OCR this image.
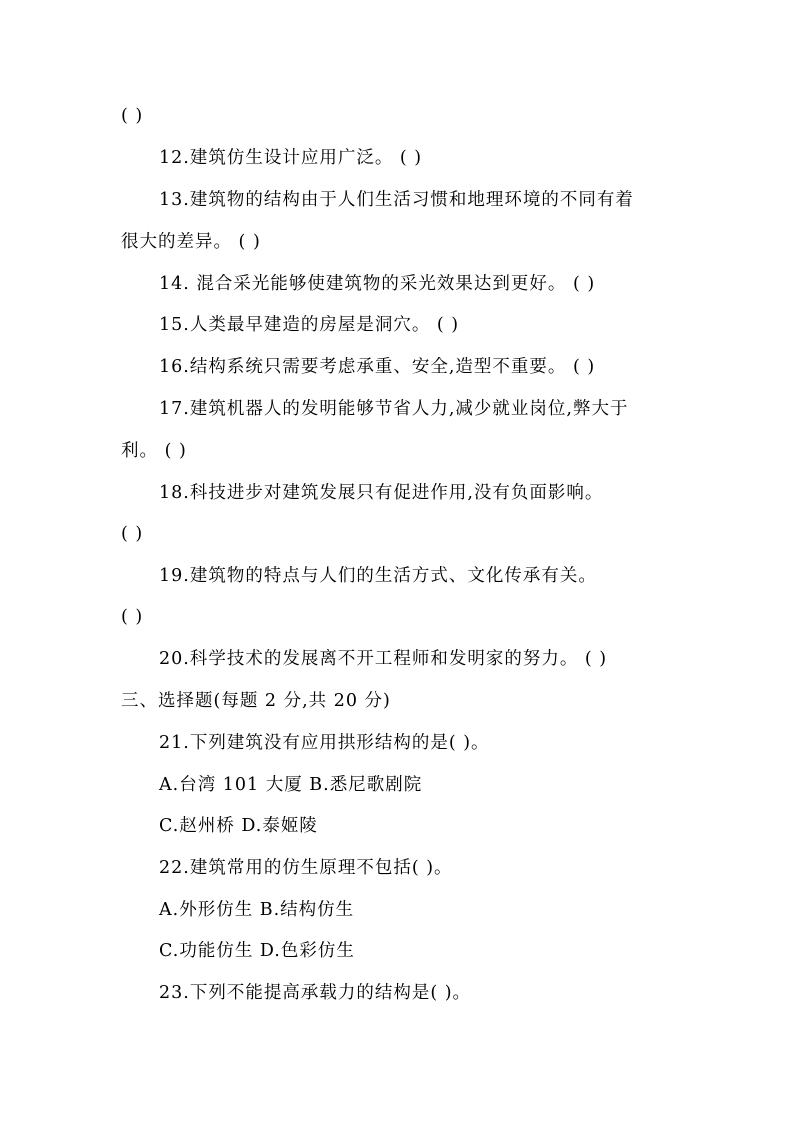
( )
12.建筑仿生设计应用广泛。 ( )
13.建筑物的结构由于人们生活习惯和地理环境的不同有着
很大的差异。 ( )
14. 混合采光能够使建筑物的采光效果达到更好。 ( )
15.人类最早建造的房屋是洞穴。 ( )
16.结构系统只需要考虑承重、安全,造型不重要。 ( )
17.建筑机器人的发明能够节省人力,减少就业岗位,弊大于
利。 ( )
18.科技进步对建筑发展只有促进作用,没有负面影响。
( )
19.建筑物的特点与人们的生活方式、文化传承有关。
( )
20.科学技术的发展离不开工程师和发明家的努力。 ( )
三、选择题(每题 2 分,共 20 分)
21.下列建筑没有应用拱形结构的是( )。
A.台湾 101 大厦 B.悉尼歌剧院
C.赵州桥 D.泰姬陵
22.建筑常用的仿生原理不包括( )。
A.外形仿生 B.结构仿生
C.功能仿生 D.色彩仿生
23.下列不能提高承载力的结构是( )。
